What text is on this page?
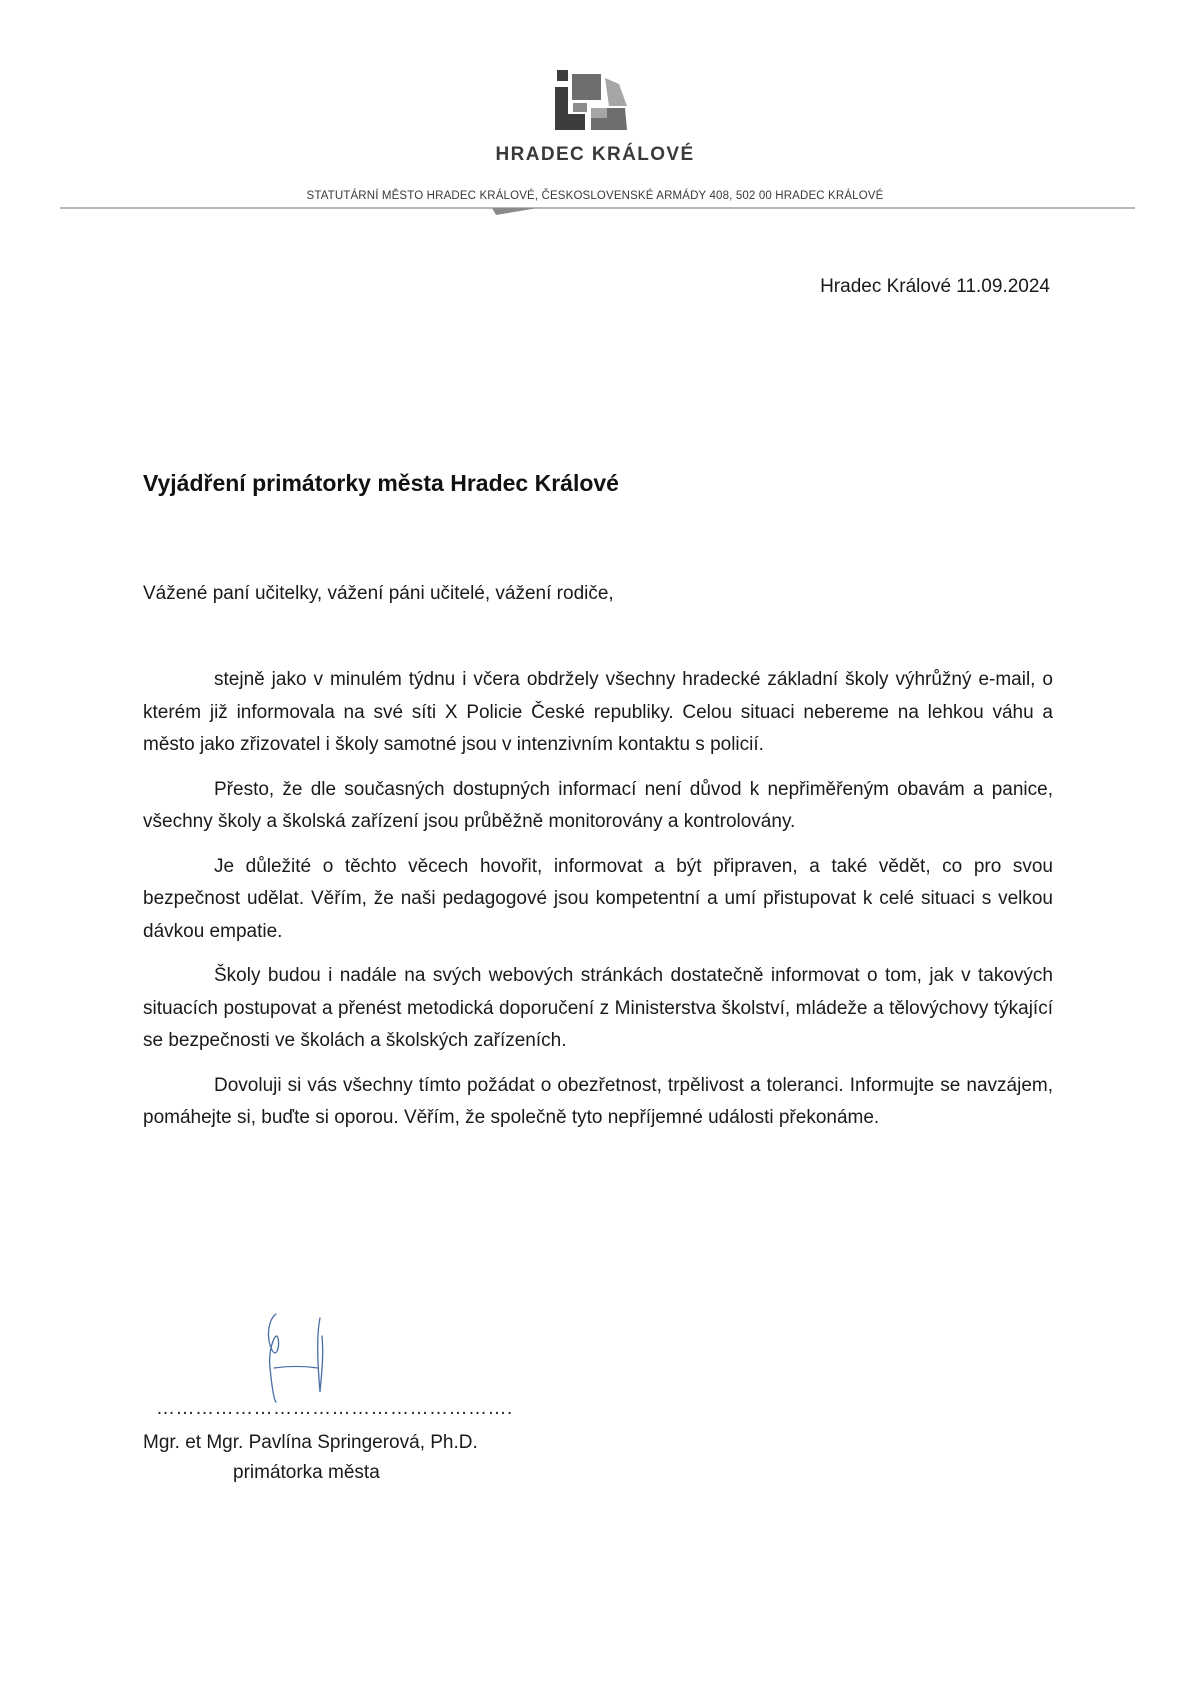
HRADEC KRÁLOVÉ
STATUTÁRNÍ MĚSTO HRADEC KRÁLOVÉ, ČESKOSLOVENSKÉ ARMÁDY 408, 502 00 HRADEC KRÁLOVÉ
Hradec Králové 11.09.2024
Vyjádření primátorky města Hradec Králové
Vážené paní učitelky, vážení páni učitelé, vážení rodiče,

stejně jako v minulém týdnu i včera obdržely všechny hradecké základní školy výhrůžný e-mail, o kterém již informovala na své síti X Policie České republiky. Celou situaci nebereme na lehkou váhu a město jako zřizovatel i školy samotné jsou v intenzivním kontaktu s policií.

Přesto, že dle současných dostupných informací není důvod k nepřiměřeným obavám a panice, všechny školy a školská zařízení jsou průběžně monitorovány a kontrolovány.

Je důležité o těchto věcech hovořit, informovat a být připraven, a také vědět, co pro svou bezpečnost udělat. Věřím, že naši pedagogové jsou kompetentní a umí přistupovat k celé situaci s velkou dávkou empatie.

Školy budou i nadále na svých webových stránkách dostatečně informovat o tom, jak v takových situacích postupovat a přenést metodická doporučení z Ministerstva školství, mládeže a tělovýchovy týkající se bezpečnosti ve školách a školských zařízeních.

Dovoluji si vás všechny tímto požádat o obezřetnost, trpělivost a toleranci. Informujte se navzájem, pomáhejte si, buďte si oporou. Věřím, že společně tyto nepříjemné události překonáme.

……………………………………………….
Mgr. et Mgr. Pavlína Springerová, Ph.D.
primátorka města
